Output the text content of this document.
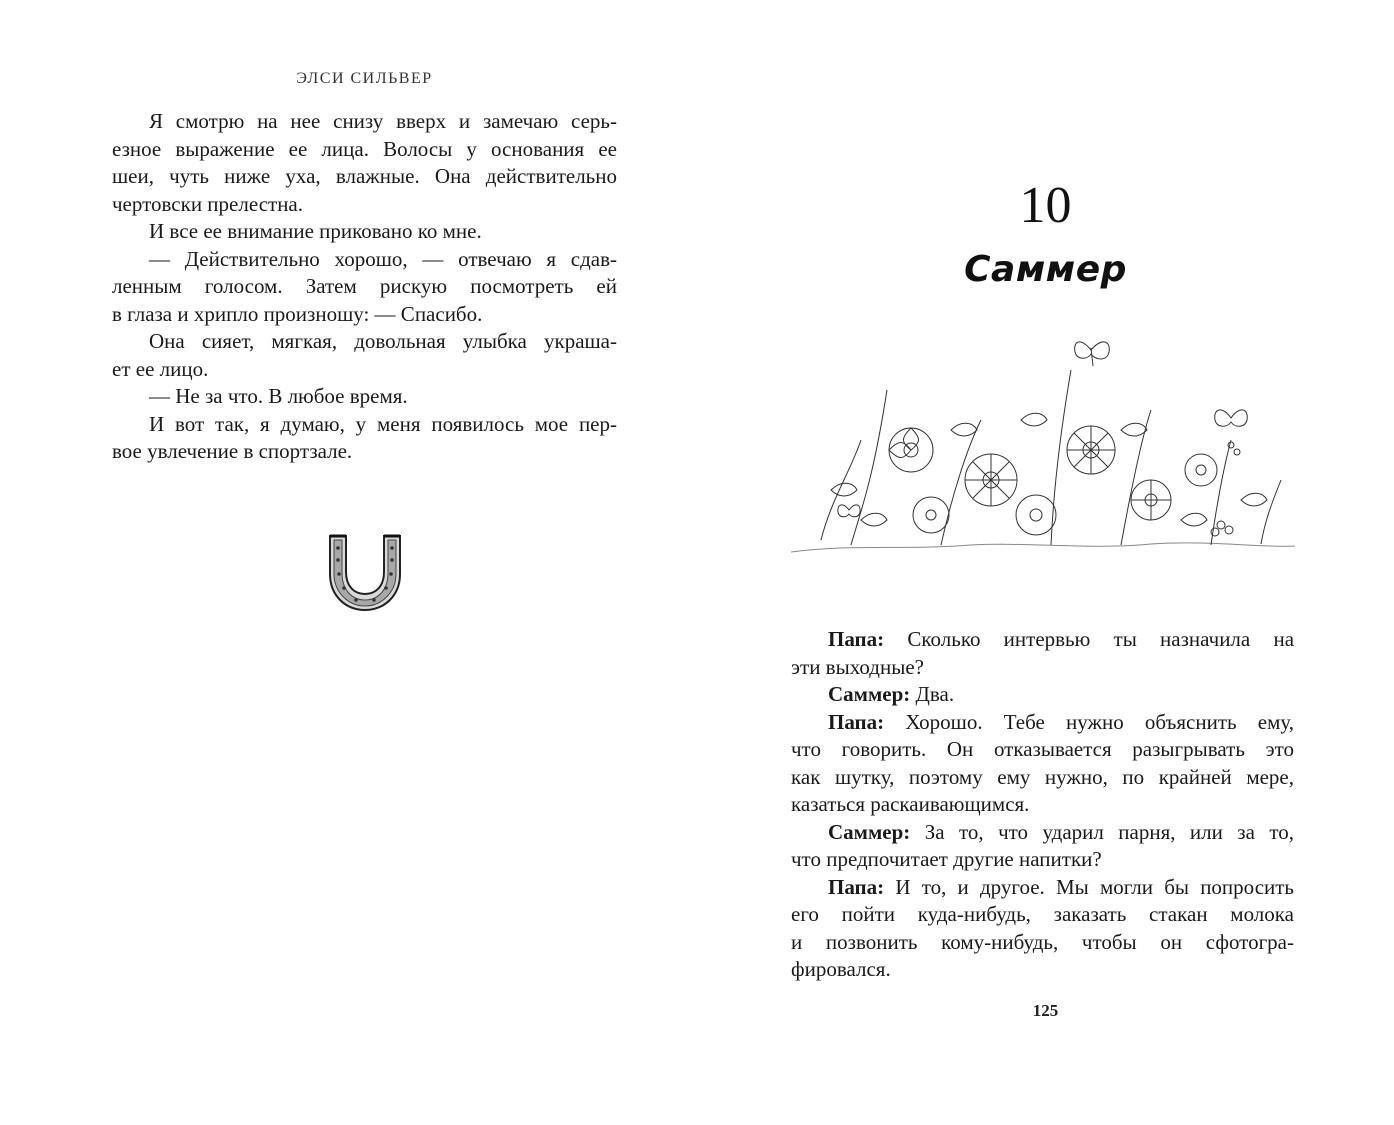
ЭЛСИ СИЛЬВЕР
Я смотрю на нее снизу вверх и замечаю серь-
езное выражение ее лица. Волосы у основания ее
шеи, чуть ниже уха, влажные. Она действительно
чертовски прелестна.
И все ее внимание приковано ко мне.
— Действительно хорошо, — отвечаю я сдав-
ленным голосом. Затем рискую посмотреть ей
в глаза и хрипло произношу: — Спасибо.
Она сияет, мягкая, довольная улыбка украша-
ет ее лицо.
— Не за что. В любое время.
И вот так, я думаю, у меня появилось мое пер-
вое увлечение в спортзале.
10
Саммер
Папа: Сколько интервью ты назначила на
эти выходные?
Саммер: Два.
Папа: Хорошо. Тебе нужно объяснить ему,
что говорить. Он отказывается разыгрывать это
как шутку, поэтому ему нужно, по крайней мере,
казаться раскаивающимся.
Саммер: За то, что ударил парня, или за то,
что предпочитает другие напитки?
Папа: И то, и другое. Мы могли бы попросить
его пойти куда-нибудь, заказать стакан молока
и позвонить кому-нибудь, чтобы он сфотогра-
фировался.
125
